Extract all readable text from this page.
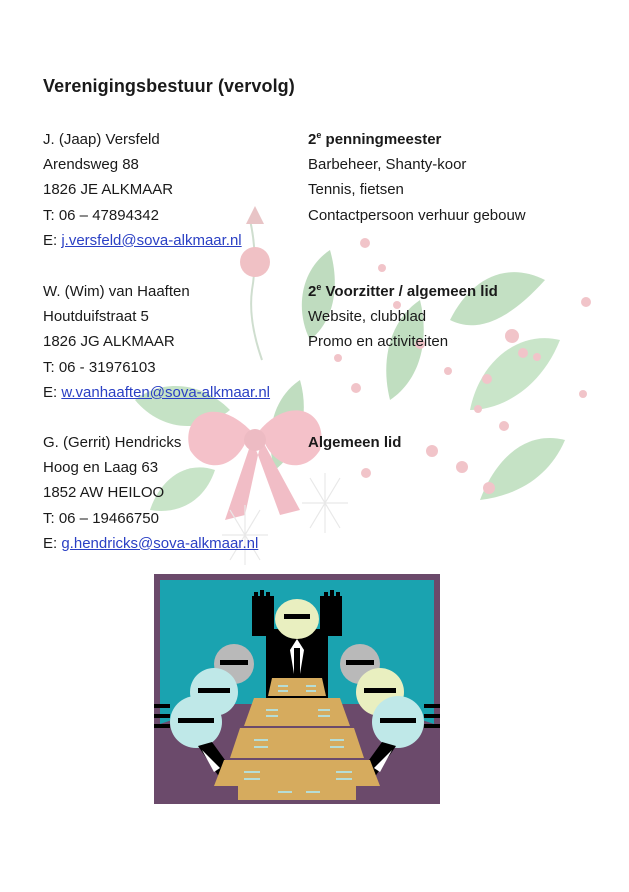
Verenigingsbestuur (vervolg)
J. (Jaap) Versfeld	2e penningmeester
Arendsweg 88	Barbeheer, Shanty-koor
1826 JE ALKMAAR	Tennis, fietsen
T: 06 – 47894342	Contactpersoon verhuur gebouw
E: j.versfeld@sova-alkmaar.nl
W. (Wim) van Haaften	2e Voorzitter / algemeen lid
Houtduifstraat 5	Website, clubblad
1826 JG ALKMAAR	Promo en activiteiten
T: 06 - 31976103
E: w.vanhaaften@sova-alkmaar.nl
G. (Gerrit) Hendricks	Algemeen lid
Hoog en Laag 63
1852 AW HEILOO
T: 06 – 19466750
E: g.hendricks@sova-alkmaar.nl
